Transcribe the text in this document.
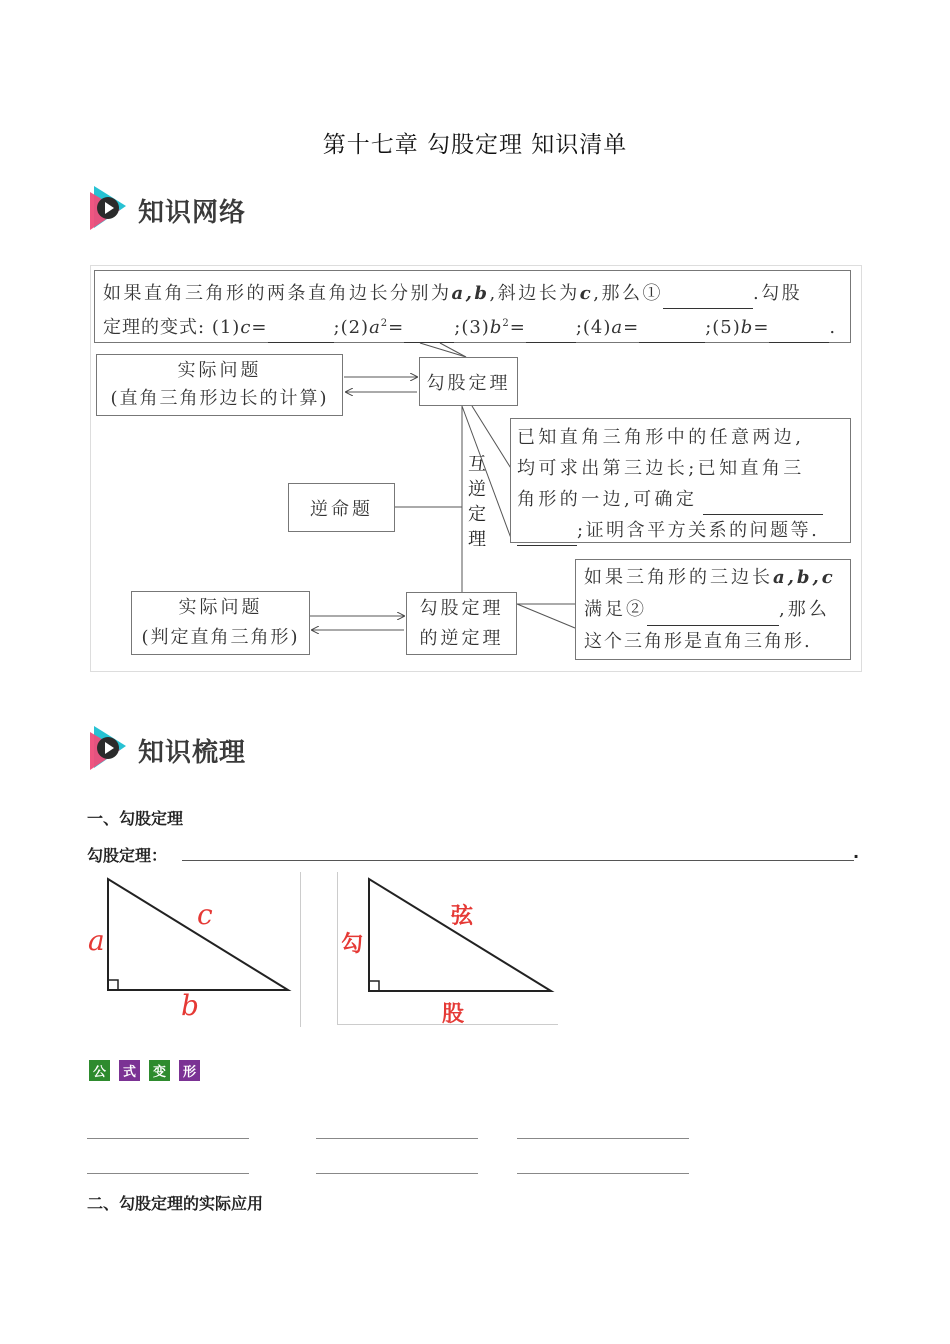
第十七章 勾股定理 知识清单
知识网络
如果直角三角形的两条直角边长分别为a,b,斜边长为c,那么①	.勾股
定理的变式: (1)c=	$;(2)a^2=$	$;(3)b^2=$	;(4)a=	;(5)b=	.
实际问题
(直角三角形边长的计算)
勾股定理
互
逆
定
理
已知直角三角形中的任意两边,
均可求出第三边长;已知直角三
角形的一边,可确定
;证明含平方关系的问题等.
逆命题
实际问题
(判定直角三角形)
勾股定理
的逆定理
如果三角形的三边长a,b,c
满足②	,那么
这个三角形是直角三角形.
知识梳理
一、勾股定理
勾股定理：	.
a
c
b
勾
弦
股
公	式	变	形
二、勾股定理的实际应用
